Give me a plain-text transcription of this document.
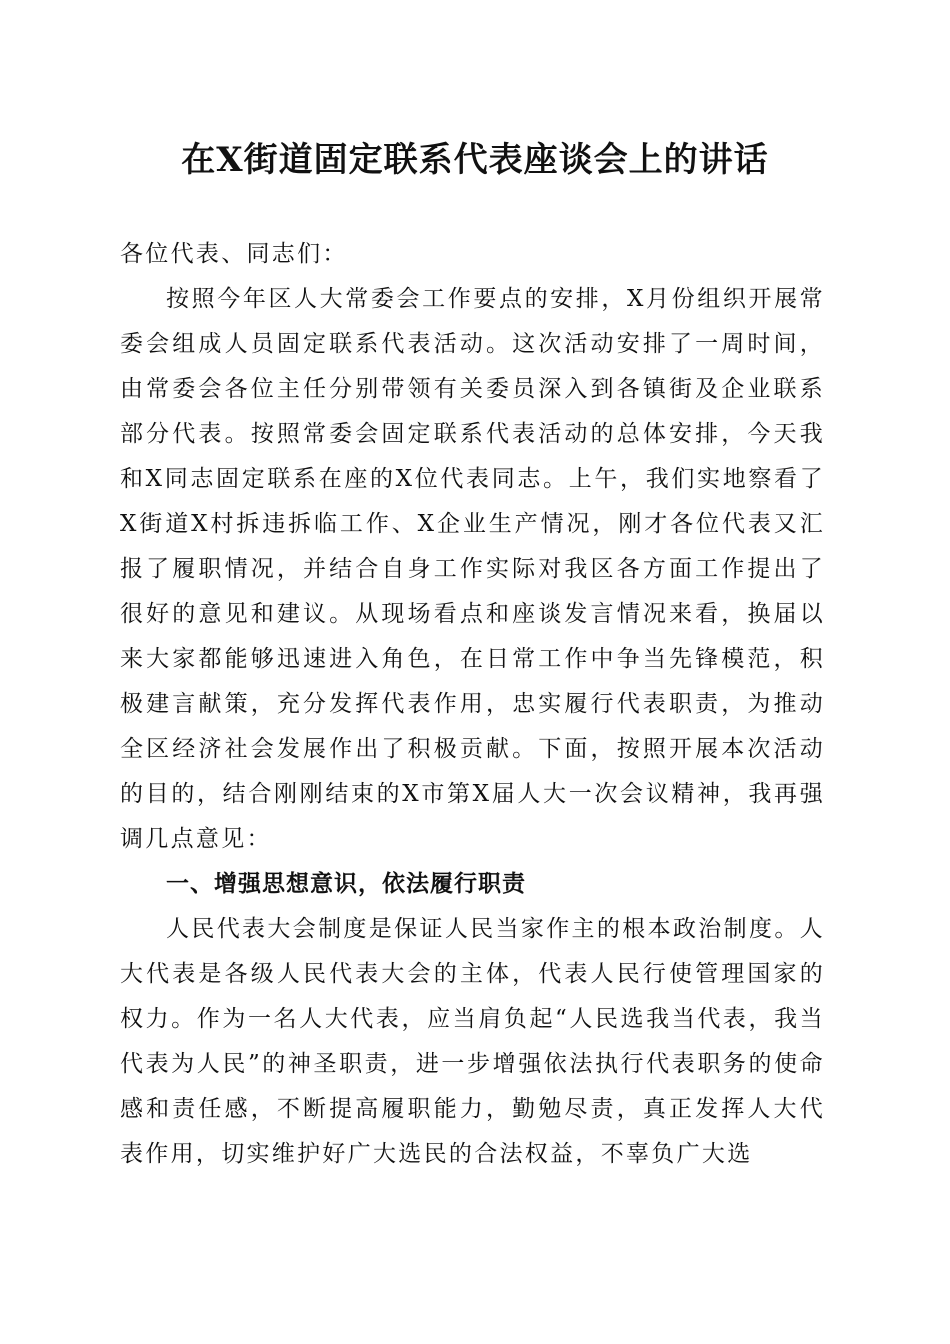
在X街道固定联系代表座谈会上的讲话

各位代表、同志们：

按照今年区人大常委会工作要点的安排，X月份组织开展常委会组成人员固定联系代表活动。这次活动安排了一周时间，由常委会各位主任分别带领有关委员深入到各镇街及企业联系部分代表。按照常委会固定联系代表活动的总体安排，今天我和X同志固定联系在座的X位代表同志。上午，我们实地察看了X街道X村拆违拆临工作、X企业生产情况，刚才各位代表又汇报了履职情况，并结合自身工作实际对我区各方面工作提出了很好的意见和建议。从现场看点和座谈发言情况来看，换届以来大家都能够迅速进入角色，在日常工作中争当先锋模范，积极建言献策，充分发挥代表作用，忠实履行代表职责，为推动全区经济社会发展作出了积极贡献。下面，按照开展本次活动的目的，结合刚刚结束的X市第X届人大一次会议精神，我再强调几点意见：

一、增强思想意识，依法履行职责

人民代表大会制度是保证人民当家作主的根本政治制度。人大代表是各级人民代表大会的主体，代表人民行使管理国家的权力。作为一名人大代表，应当肩负起“人民选我当代表，我当代表为人民”的神圣职责，进一步增强依法执行代表职务的使命感和责任感，不断提高履职能力，勤勉尽责，真正发挥人大代表作用，切实维护好广大选民的合法权益，不辜负广大选
